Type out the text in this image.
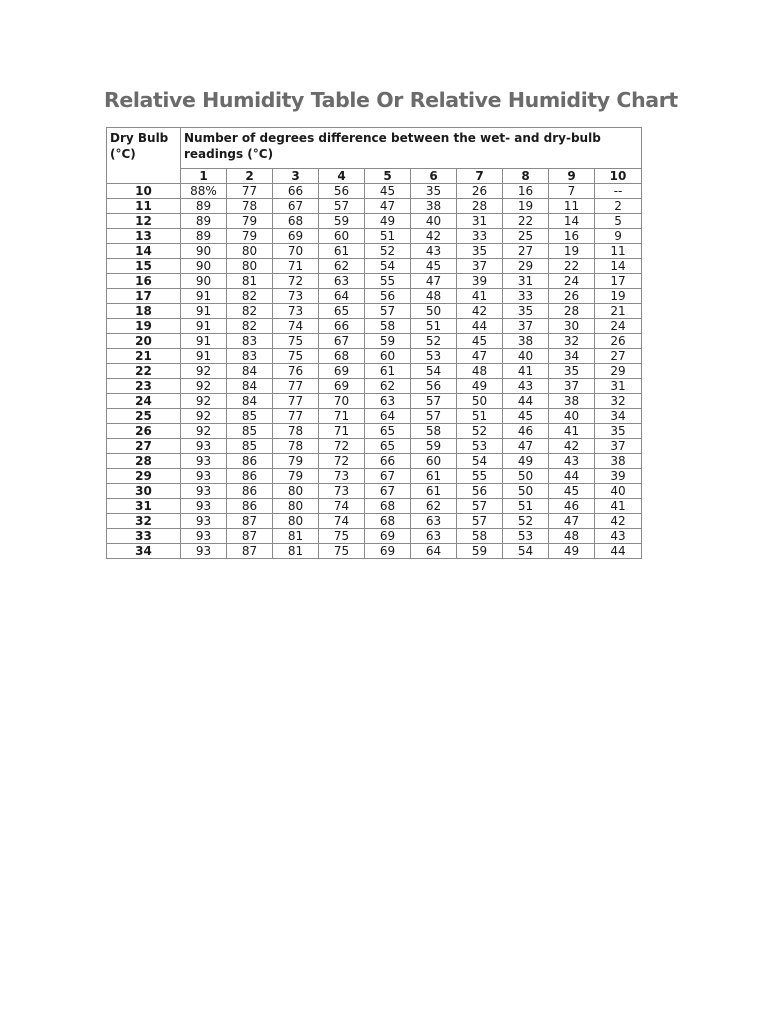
Relative Humidity Table Or Relative Humidity Chart
Dry Bulb
(°C)	Number of degrees difference between the wet- and dry-bulb
readings (°C)									
	1	2	3	4	5	6	7	8	9	10
10	88%	77	66	56	45	35	26	16	7	--
11	89	78	67	57	47	38	28	19	11	2
12	89	79	68	59	49	40	31	22	14	5
13	89	79	69	60	51	42	33	25	16	9
14	90	80	70	61	52	43	35	27	19	11
15	90	80	71	62	54	45	37	29	22	14
16	90	81	72	63	55	47	39	31	24	17
17	91	82	73	64	56	48	41	33	26	19
18	91	82	73	65	57	50	42	35	28	21
19	91	82	74	66	58	51	44	37	30	24
20	91	83	75	67	59	52	45	38	32	26
21	91	83	75	68	60	53	47	40	34	27
22	92	84	76	69	61	54	48	41	35	29
23	92	84	77	69	62	56	49	43	37	31
24	92	84	77	70	63	57	50	44	38	32
25	92	85	77	71	64	57	51	45	40	34
26	92	85	78	71	65	58	52	46	41	35
27	93	85	78	72	65	59	53	47	42	37
28	93	86	79	72	66	60	54	49	43	38
29	93	86	79	73	67	61	55	50	44	39
30	93	86	80	73	67	61	56	50	45	40
31	93	86	80	74	68	62	57	51	46	41
32	93	87	80	74	68	63	57	52	47	42
33	93	87	81	75	69	63	58	53	48	43
34	93	87	81	75	69	64	59	54	49	44
